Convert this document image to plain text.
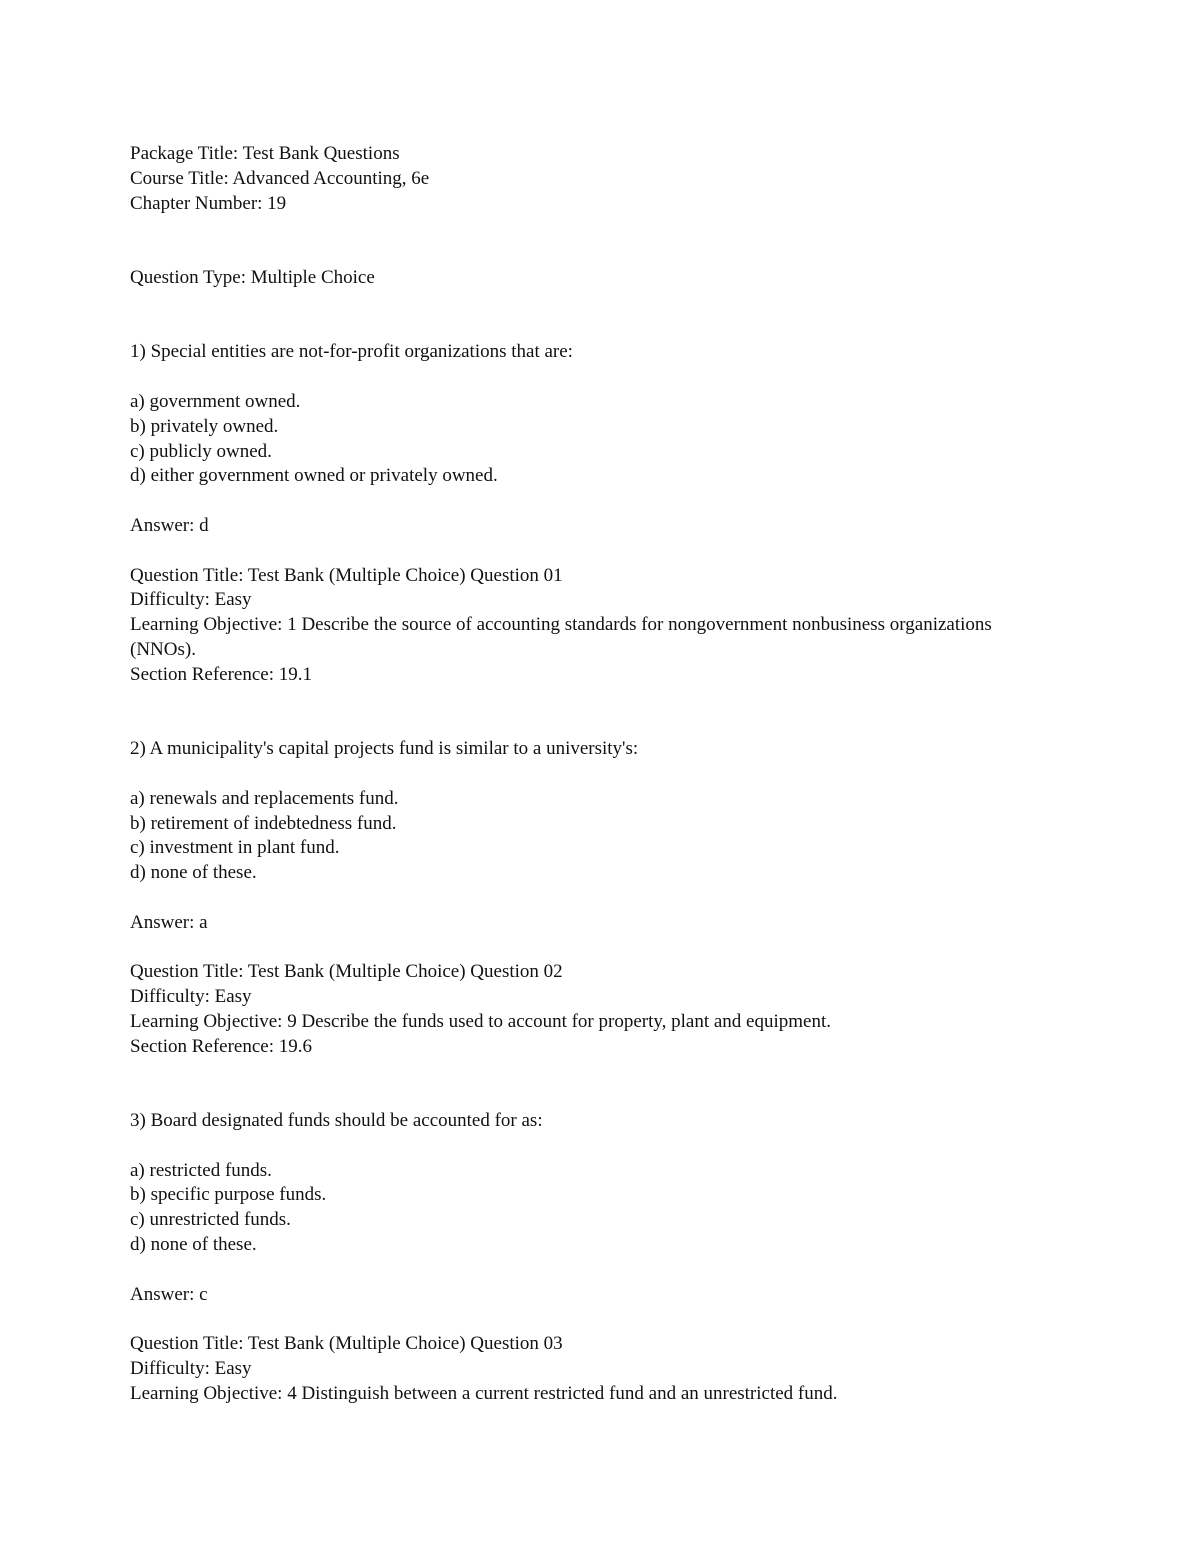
Package Title: Test Bank Questions
Course Title: Advanced Accounting, 6e
Chapter Number: 19
Question Type: Multiple Choice
1) Special entities are not-for-profit organizations that are:
a) government owned.
b) privately owned.
c) publicly owned.
d) either government owned or privately owned.
Answer: d
Question Title: Test Bank (Multiple Choice) Question 01
Difficulty: Easy
Learning Objective: 1 Describe the source of accounting standards for nongovernment nonbusiness organizations (NNOs).
Section Reference: 19.1
2) A municipality's capital projects fund is similar to a university's:
a) renewals and replacements fund.
b) retirement of indebtedness fund.
c) investment in plant fund.
d) none of these.
Answer: a
Question Title: Test Bank (Multiple Choice) Question 02
Difficulty: Easy
Learning Objective: 9 Describe the funds used to account for property, plant and equipment.
Section Reference: 19.6
3) Board designated funds should be accounted for as:
a) restricted funds.
b) specific purpose funds.
c) unrestricted funds.
d) none of these.
Answer: c
Question Title: Test Bank (Multiple Choice) Question 03
Difficulty: Easy
Learning Objective: 4 Distinguish between a current restricted fund and an unrestricted fund.
